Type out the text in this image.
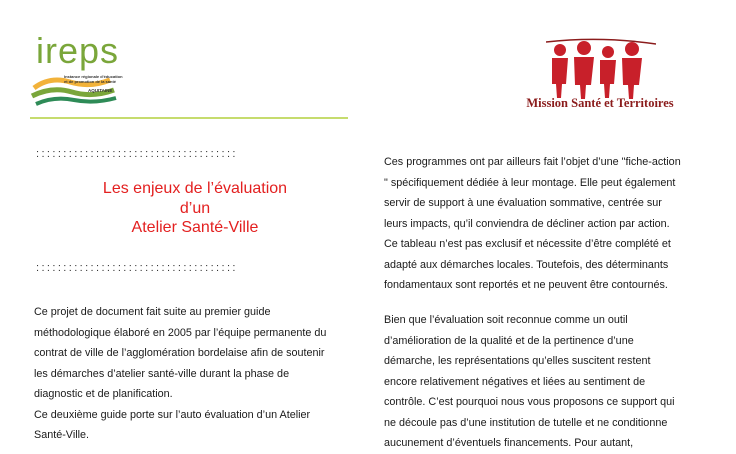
ireps
Instance régionale d'éducation et de promotion de la santé
AQUITAINE
Mission Santé et Territoires
:::::::::::::::::::::::::::::::::::::
Les enjeux de l’évaluation
d’un
Atelier Santé-Ville
:::::::::::::::::::::::::::::::::::::
Ce projet de document fait suite au premier guide
méthodologique élaboré en 2005 par l’équipe permanente du
contrat de ville de l’agglomération bordelaise afin de soutenir
les démarches d’atelier santé-ville durant la phase de
diagnostic et de planification.
Ce deuxième guide porte sur l’auto évaluation d’un Atelier
Santé-Ville.
Ces programmes ont par ailleurs fait l’objet d’une "fiche-action
" spécifiquement dédiée à leur montage. Elle peut également
servir de support à une évaluation sommative, centrée sur
leurs impacts, qu’il conviendra de décliner action par action.
Ce tableau n’est pas exclusif et nécessite d’être complété et
adapté aux démarches locales. Toutefois, des déterminants
fondamentaux sont reportés et ne peuvent être contournés.
Bien que l’évaluation soit reconnue comme un outil
d’amélioration de la qualité et de la pertinence d’une
démarche, les représentations qu’elles suscitent restent
encore relativement négatives et liées au sentiment de
contrôle. C’est pourquoi nous vous proposons ce support qui
ne découle pas d’une institution de tutelle et ne conditionne
aucunement d’éventuels financements. Pour autant,
